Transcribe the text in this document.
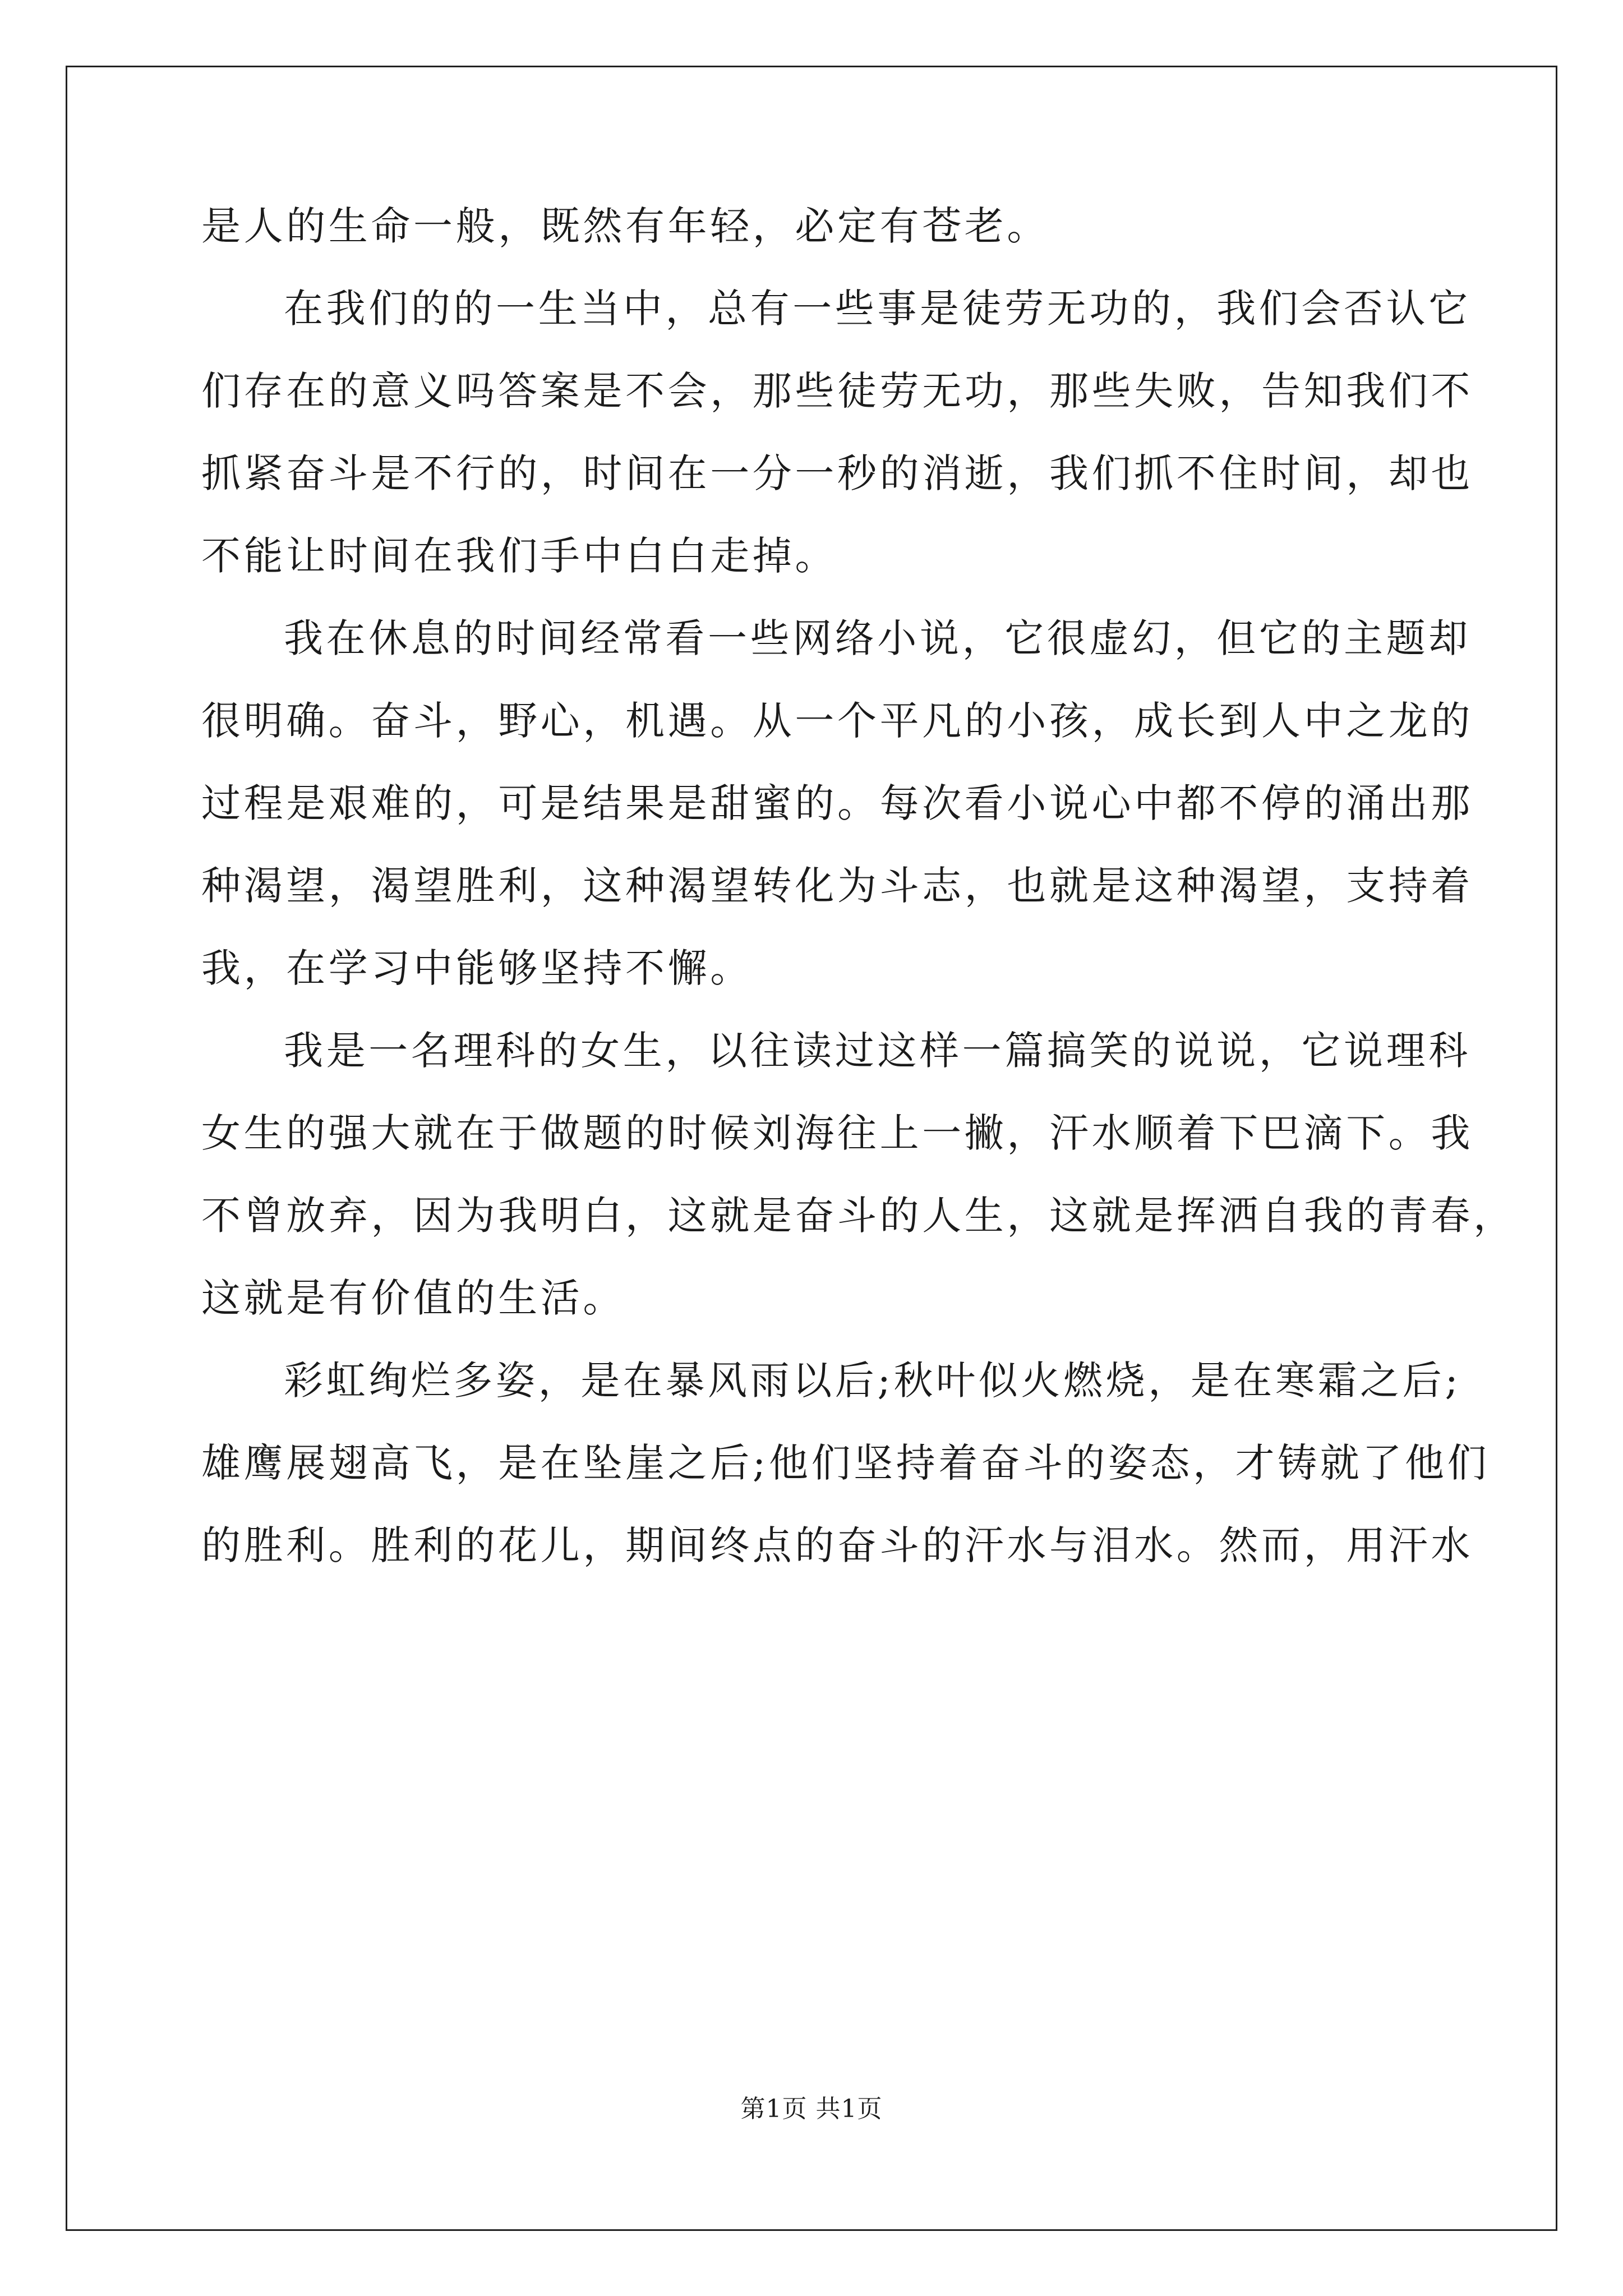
是人的生命一般，既然有年轻，必定有苍老。
在我们的的一生当中，总有一些事是徒劳无功的，我们会否认它
们存在的意义吗答案是不会，那些徒劳无功，那些失败，告知我们不
抓紧奋斗是不行的，时间在一分一秒的消逝，我们抓不住时间，却也
不能让时间在我们手中白白走掉。
我在休息的时间经常看一些网络小说，它很虚幻，但它的主题却
很明确。奋斗，野心，机遇。从一个平凡的小孩，成长到人中之龙的
过程是艰难的，可是结果是甜蜜的。每次看小说心中都不停的涌出那
种渴望，渴望胜利，这种渴望转化为斗志，也就是这种渴望，支持着
我，在学习中能够坚持不懈。
我是一名理科的女生，以往读过这样一篇搞笑的说说，它说理科
女生的强大就在于做题的时候刘海往上一撇，汗水顺着下巴滴下。我
不曾放弃，因为我明白，这就是奋斗的人生，这就是挥洒自我的青春，
这就是有价值的生活。
彩虹绚烂多姿，是在暴风雨以后;秋叶似火燃烧，是在寒霜之后;
雄鹰展翅高飞，是在坠崖之后;他们坚持着奋斗的姿态，才铸就了他们
的胜利。胜利的花儿，期间终点的奋斗的汗水与泪水。然而，用汗水
第1页 共1页
